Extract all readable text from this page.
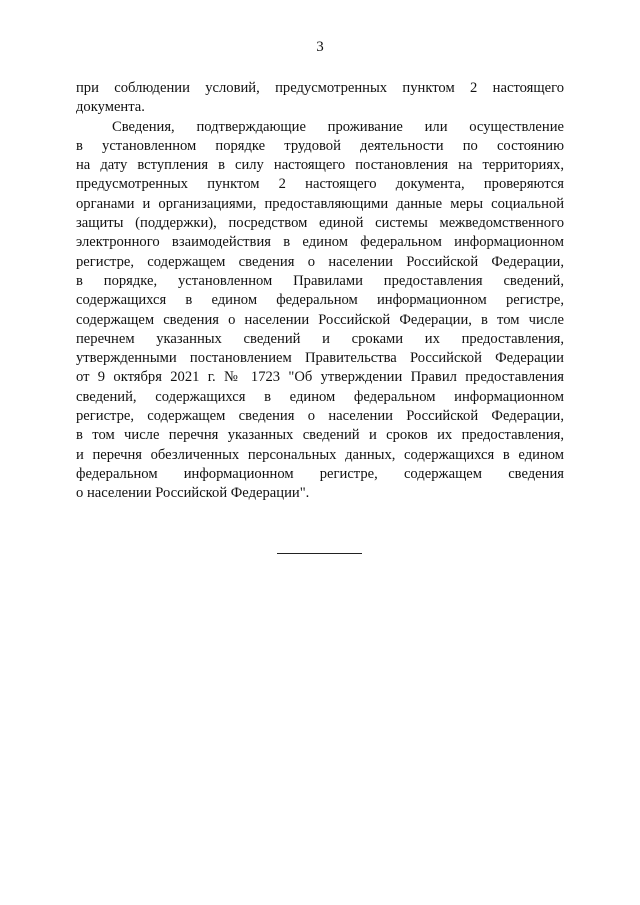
3
при соблюдении условий, предусмотренных пунктом 2 настоящего
документа.
Сведения, подтверждающие проживание или осуществление
в установленном порядке трудовой деятельности по состоянию
на дату вступления в силу настоящего постановления на территориях,
предусмотренных пунктом 2 настоящего документа, проверяются
органами и организациями, предоставляющими данные меры социальной
защиты (поддержки), посредством единой системы межведомственного
электронного взаимодействия в едином федеральном информационном
регистре, содержащем сведения о населении Российской Федерации,
в порядке, установленном Правилами предоставления сведений,
содержащихся в едином федеральном информационном регистре,
содержащем сведения о населении Российской Федерации, в том числе
перечнем указанных сведений и сроками их предоставления,
утвержденными постановлением Правительства Российской Федерации
от 9 октября 2021 г. № 1723 "Об утверждении Правил предоставления
сведений, содержащихся в едином федеральном информационном
регистре, содержащем сведения о населении Российской Федерации,
в том числе перечня указанных сведений и сроков их предоставления,
и перечня обезличенных персональных данных, содержащихся в едином
федеральном информационном регистре, содержащем сведения
о населении Российской Федерации".
